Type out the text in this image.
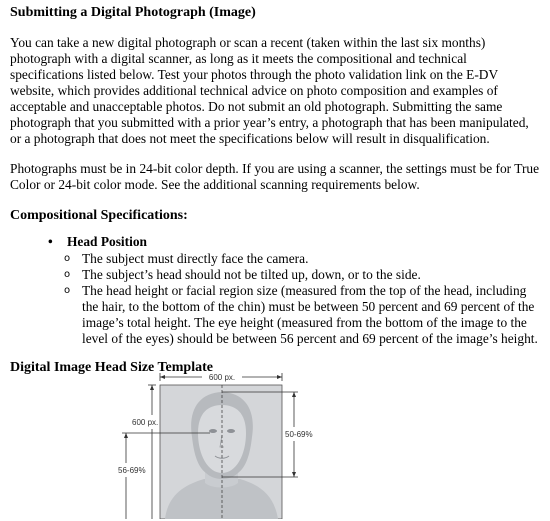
Submitting a Digital Photograph (Image)

You can take a new digital photograph or scan a recent (taken within the last six months) photograph with a digital scanner, as long as it meets the compositional and technical specifications listed below. Test your photos through the photo validation link on the E-DV website, which provides additional technical advice on photo composition and examples of acceptable and unacceptable photos. Do not submit an old photograph. Submitting the same photograph that you submitted with a prior year’s entry, a photograph that has been manipulated, or a photograph that does not meet the specifications below will result in disqualification.

Photographs must be in 24-bit color depth. If you are using a scanner, the settings must be for True Color or 24-bit color mode. See the additional scanning requirements below.

Compositional Specifications:
• Head Position
o The subject must directly face the camera.
o The subject’s head should not be tilted up, down, or to the side.
o The head height or facial region size (measured from the top of the head, including the hair, to the bottom of the chin) must be between 50 percent and 69 percent of the image’s total height. The eye height (measured from the bottom of the image to the level of the eyes) should be between 56 percent and 69 percent of the image’s height.
Digital Image Head Size Template
600 px.
600 px.
56-69%
50-69%
